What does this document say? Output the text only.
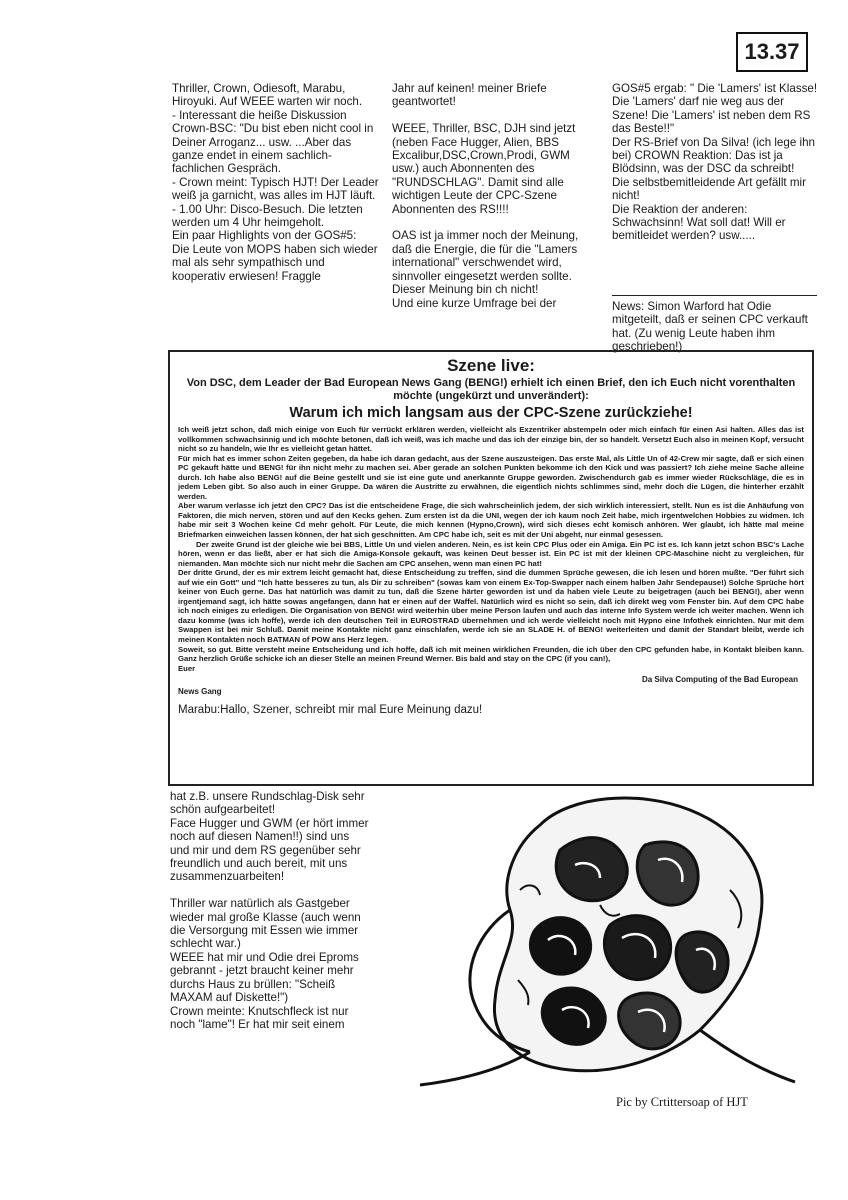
13.37
Thriller, Crown, Odiesoft, Marabu, Hiroyuki. Auf WEEE warten wir noch.
- Interessant die heiße Diskussion Crown-BSC: "Du bist eben nicht cool in Deiner Arroganz... usw. ...Aber das ganze endet in einem sachlich-fachlichen Gespräch.
- Crown meint: Typisch HJT! Der Leader weiß ja garnicht, was alles im HJT läuft.
- 1.00 Uhr: Disco-Besuch. Die letzten werden um 4 Uhr heimgeholt.
Ein paar Highlights von der GOS#5:
Die Leute von MOPS haben sich wieder mal als sehr sympathisch und kooperativ erwiesen! Fraggle
Jahr auf keinen! meiner Briefe geantwortet!

WEEE, Thriller, BSC, DJH sind jetzt (neben Face Hugger, Alien, BBS Excalibur,DSC,Crown,Prodi, GWM usw.) auch Abonnenten des "RUNDSCHLAG". Damit sind alle wichtigen Leute der CPC-Szene Abonnenten des RS!!!!

OAS ist ja immer noch der Meinung, daß die Energie, die für die "Lamers international" verschwendet wird, sinnvoller eingesetzt werden sollte. Dieser Meinung bin ch nicht!
Und eine kurze Umfrage bei der
GOS#5 ergab: " Die 'Lamers' ist Klasse! Die 'Lamers' darf nie weg aus der Szene! Die 'Lamers' ist neben dem RS das Beste!!"
Der RS-Brief von Da Silva! (ich lege ihn bei) CROWN Reaktion: Das ist ja Blödsinn, was der DSC da schreibt!
Die selbstbemitleidende Art gefällt mir nicht!
Die Reaktion der anderen: Schwachsinn! Wat soll dat! Will er bemitleidet werden? usw.....
News: Simon Warford hat Odie mitgeteilt, daß er seinen CPC verkauft hat. (Zu wenig Leute haben ihm geschrieben!)
Szene live:
Von DSC, dem Leader der Bad European News Gang (BENG!) erhielt ich einen Brief, den ich Euch nicht vorenthalten möchte (ungekürzt und unverändert):
Warum ich mich langsam aus der CPC-Szene zurückziehe!

Ich weiß jetzt schon, daß mich einige von Euch für verrückt erklären werden, vielleicht als Exzentriker abstempeln oder mich einfach für einen Asi halten. Alles das ist vollkommen schwachsinnig und ich möchte betonen, daß ich weiß, was ich mache und das ich der einzige bin, der so handelt. Versetzt Euch also in meinen Kopf, versucht nicht so zu handeln, wie Ihr es vielleicht getan hättet.

Für mich hat es immer schon Zeiten gegeben, da habe ich daran gedacht, aus der Szene auszusteigen. Das erste Mal, als Little Un of 42-Crew mir sagte, daß er sich einen PC gekauft hätte und BENG! für ihn nicht mehr zu machen sei. Aber gerade an solchen Punkten bekomme ich den Kick und was passiert? Ich ziehe meine Sache alleine durch. Ich habe also BENG! auf die Beine gestellt und sie ist eine gute und anerkannte Gruppe geworden. Zwischendurch gab es immer wieder Rückschläge, die es in jedem Leben gibt. So also auch in einer Gruppe. Da wären die Austritte zu erwähnen, die eigentlich nichts schlimmes sind, mehr doch die Lügen, die hinterher erzählt werden.

Aber warum verlasse ich jetzt den CPC? Das ist die entscheidene Frage, die sich wahrscheinlich jedem, der sich wirklich interessiert, stellt. Nun es ist die Anhäufung von Faktoren, die mich nerven, stören und auf den Kecks gehen. Zum ersten ist da die UNI, wegen der ich kaum noch Zeit habe, mich irgentwelchen Hobbies zu widmen. Ich habe mir seit 3 Wochen keine Cd mehr geholt. Für Leute, die mich kennen (Hypno,Crown), wird sich dieses echt komisch anhören. Wer glaubt, ich hätte mal meine Briefmarken einweichen lassen können, der hat sich geschnitten. Am CPC habe ich, seit es mit der Uni abgeht, nur einmal gesessen.

Der zweite Grund ist der gleiche wie bei BBS, Little Un und vielen anderen. Nein, es ist kein CPC Plus oder ein Amiga. Ein PC ist es. Ich kann jetzt schon BSC's Lache hören, wenn er das ließt, aber er hat sich die Amiga-Konsole gekauft, was keinen Deut besser ist. Ein PC ist mit der kleinen CPC-Maschine nicht zu vergleichen, für niemanden. Man möchte sich nur nicht mehr die Sachen am CPC ansehen, wenn man einen PC hat!

Der dritte Grund, der es mir extrem leicht gemacht hat, diese Entscheidung zu treffen, sind die dummen Sprüche gewesen, die ich lesen und hören mußte. "Der führt sich auf wie ein Gott" und "Ich hatte besseres zu tun, als Dir zu schreiben" (sowas kam von einem Ex-Top-Swapper nach einem halben Jahr Sendepause!) Solche Sprüche hört keiner von Euch gerne. Das hat natürlich was damit zu tun, daß die Szene härter geworden ist und da haben viele Leute zu beigetragen (auch bei BENG!), aber wenn irgentjemand sagt, ich hätte sowas angefangen, dann hat er einen auf der Waffel. Natürlich wird es nicht so sein, daß ich direkt weg vom Fenster bin. Auf dem CPC habe ich noch einiges zu erledigen. Die Organisation von BENG! wird weiterhin über meine Person laufen und auch das interne Info System werde ich weiter machen. Wenn ich dazu komme (was ich hoffe), werde ich den deutschen Teil in EUROSTRAD übernehmen und ich werde vielleicht noch mit Hypno eine Infothek einrichten. Nur mit dem Swappen ist bei mir Schluß. Damit meine Kontakte nicht ganz einschlafen, werde ich sie an SLADE H. of BENG! weiterleiten und damit der Standart bleibt, werde ich meinen Kontakten noch BATMAN of POW ans Herz legen.

Soweit, so gut. Bitte versteht meine Entscheidung und ich hoffe, daß ich mit meinen wirklichen Freunden, die ich über den CPC gefunden habe, in Kontakt bleiben kann. Ganz herzlich Grüße schicke ich an dieser Stelle an meinen Freund Werner. Bis bald and stay on the CPC (if you can!),

Euer

Da Silva Computing of the Bad European
News Gang
Marabu:Hallo, Szener, schreibt mir mal Eure Meinung dazu!
hat z.B. unsere Rundschlag-Disk sehr schön aufgearbeitet!
Face Hugger und GWM (er hört immer noch auf diesen Namen!!) sind uns und mir und dem RS gegenüber sehr freundlich und auch bereit, mit uns zusammenzuarbeiten!

Thriller war natürlich als Gastgeber wieder mal große Klasse (auch wenn die Versorgung mit Essen wie immer schlecht war.)
WEEE hat mir und Odie drei Eproms gebrannt - jetzt braucht keiner mehr durchs Haus zu brüllen: "Scheiß MAXAM auf Diskette!")
Crown meinte: Knutschfleck ist nur noch "lame"! Er hat mir seit einem
Pic by Crtittersoap of HJT
